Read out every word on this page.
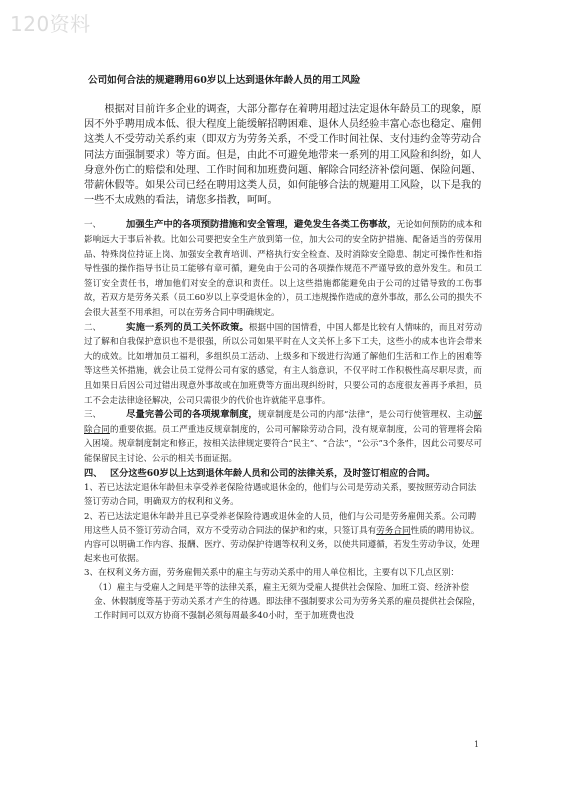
120资料
公司如何合法的规避聘用60岁以上达到退休年龄人员的用工风险

根据对目前许多企业的调查，大部分都存在着聘用超过法定退休年龄员工的现象，原因不外乎聘用成本低、很大程度上能缓解招聘困难、退休人员经验丰富心态也稳定、雇佣这类人不受劳动关系约束（即双方为劳务关系，不受工作时间社保、支付违约金等劳动合同法方面强制要求）等方面。但是，由此不可避免地带来一系列的用工风险和纠纷，如人身意外伤亡的赔偿和处理、工作时间和加班费问题、解除合同经济补偿问题、保险问题、带薪休假等。如果公司已经在聘用这类人员，如何能够合法的规避用工风险，以下是我的一些不太成熟的看法，请您多指教，呵呵。

一、	加强生产中的各项预防措施和安全管理，避免发生各类工伤事故，无论如何预防的成本和影响远大于事后补救。比如公司要把安全生产放到第一位，加大公司的安全防护措施、配备适当的劳保用品、特殊岗位持证上岗、加强安全教育培训、严格执行安全检查、及时消除安全隐患、制定可操作性和指导性强的操作指导书让员工能够有章可循，避免由于公司的各项操作规范不严谨导致的意外发生。和员工签订安全责任书，增加他们对安全的意识和责任。以上这些措施都能避免由于公司的过错导致的工伤事故，若双方是劳务关系（员工60岁以上享受退休金的），员工违规操作造成的意外事故，那么公司的损失不会很大甚至不用承担，可以在劳务合同中明确规定。

二、	实施一系列的员工关怀政策。根据中国的国情看，中国人都是比较有人情味的，而且对劳动过了解和自我保护意识也不是很强，所以公司如果平时在人文关怀上多下工夫，这些小的成本也许会带来大的成效。比如增加员工福利，多组织员工活动、上级多和下级进行沟通了解他们生活和工作上的困难等等这些关怀措施，就会让员工觉得公司有家的感觉，有主人翁意识，不仅平时工作积极性高尽职尽责，而且如果日后因公司过错出现意外事故或在加班费等方面出现纠纷时，只要公司的态度很友善再予承担，员工不会走法律途径解决，公司只需很少的代价也许就能平息事件。

三、	尽量完善公司的各项规章制度，规章制度是公司的内部“法律”，是公司行使管理权、主动解除合同的重要依据。员工严重违反规章制度的，公司可解除劳动合同，没有规章制度，公司的管理将会陷入困境。规章制度制定和修正，按相关法律规定要符合“民主”、“合法”，“公示”3个条件，因此公司要尽可能保留民主讨论、公示的相关书面证据。

四、 区分这些60岁以上达到退休年龄人员和公司的法律关系，及时签订相应的合同。

1、若已达法定退休年龄但未享受养老保险待遇或退休金的，他们与公司是劳动关系，要按照劳动合同法签订劳动合同，明确双方的权利和义务。

2、若已达法定退休年龄并且已享受养老保险待遇或退休金的人员，他们与公司是劳务雇佣关系。公司聘用这些人员不签订劳动合同，双方不受劳动合同法的保护和约束，只签订具有劳务合同性质的聘用协议。内容可以明确工作内容、报酬、医疗、劳动保护待遇等权利义务，以使共同遵循，若发生劳动争议，处理起来也可依据。

3、在权利义务方面，劳务雇佣关系中的雇主与劳动关系中的用人单位相比，主要有以下几点区别：

（1）雇主与受雇人之间是平等的法律关系，雇主无须为受雇人提供社会保险、加班工资、经济补偿金、休假制度等基于劳动关系才产生的待遇。即法律不强制要求公司为劳务关系的雇员提供社会保险，工作时间可以双方协商不强制必须每周最多40小时，至于加班费也没

1
